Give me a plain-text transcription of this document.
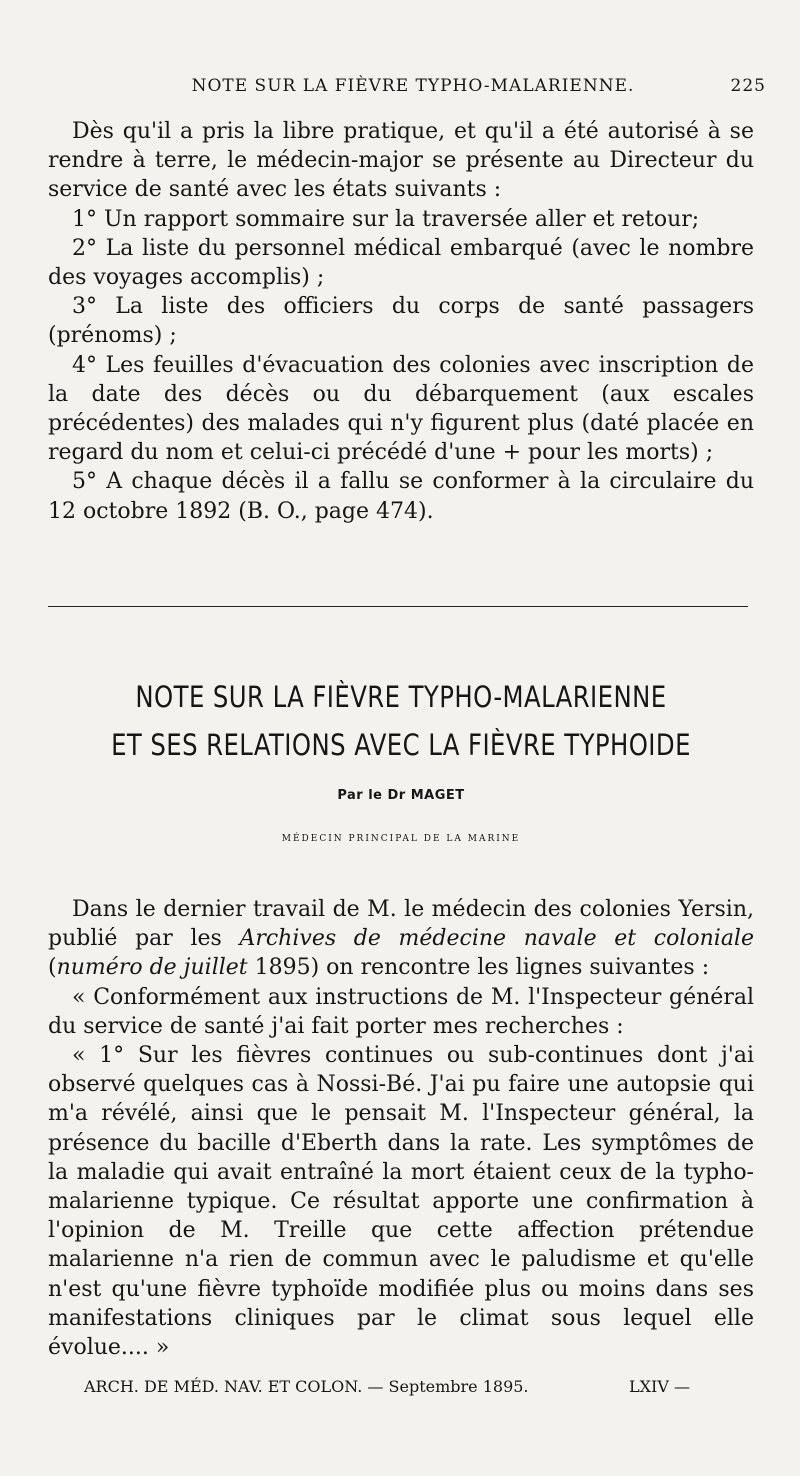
NOTE SUR LA FIÈVRE TYPHO-MALARIENNE.	225

Dès qu'il a pris la libre pratique, et qu'il a été autorisé à se rendre à terre, le médecin-major se présente au Directeur du service de santé avec les états suivants :

1° Un rapport sommaire sur la traversée aller et retour;

2° La liste du personnel médical embarqué (avec le nombre des voyages accomplis) ;

3° La liste des officiers du corps de santé passagers (prénoms) ;

4° Les feuilles d'évacuation des colonies avec inscription de la date des décès ou du débarquement (aux escales précédentes) des malades qui n'y figurent plus (daté placée en regard du nom et celui-ci précédé d'une + pour les morts) ;

5° A chaque décès il a fallu se conformer à la circulaire du 12 octobre 1892 (B. O., page 474).

NOTE SUR LA FIÈVRE TYPHO-MALARIENNE
ET SES RELATIONS AVEC LA FIÈVRE TYPHOIDE
Par le Dr MAGET
MÉDECIN PRINCIPAL DE LA MARINE

Dans le dernier travail de M. le médecin des colonies Yersin, publié par les Archives de médecine navale et coloniale (numéro de juillet 1895) on rencontre les lignes suivantes :

« Conformément aux instructions de M. l'Inspecteur général du service de santé j'ai fait porter mes recherches :

« 1° Sur les fièvres continues ou sub-continues dont j'ai observé quelques cas à Nossi-Bé. J'ai pu faire une autopsie qui m'a révélé, ainsi que le pensait M. l'Inspecteur général, la présence du bacille d'Eberth dans la rate. Les symptômes de la maladie qui avait entraîné la mort étaient ceux de la typho-malarienne typique. Ce résultat apporte une confirmation à l'opinion de M. Treille que cette affection prétendue malarienne n'a rien de commun avec le paludisme et qu'elle n'est qu'une fièvre typhoïde modifiée plus ou moins dans ses manifestations cliniques par le climat sous lequel elle évolue.... »

ARCH. DE MÉD. NAV. ET COLON. — Septembre 1895.	LXIV —
